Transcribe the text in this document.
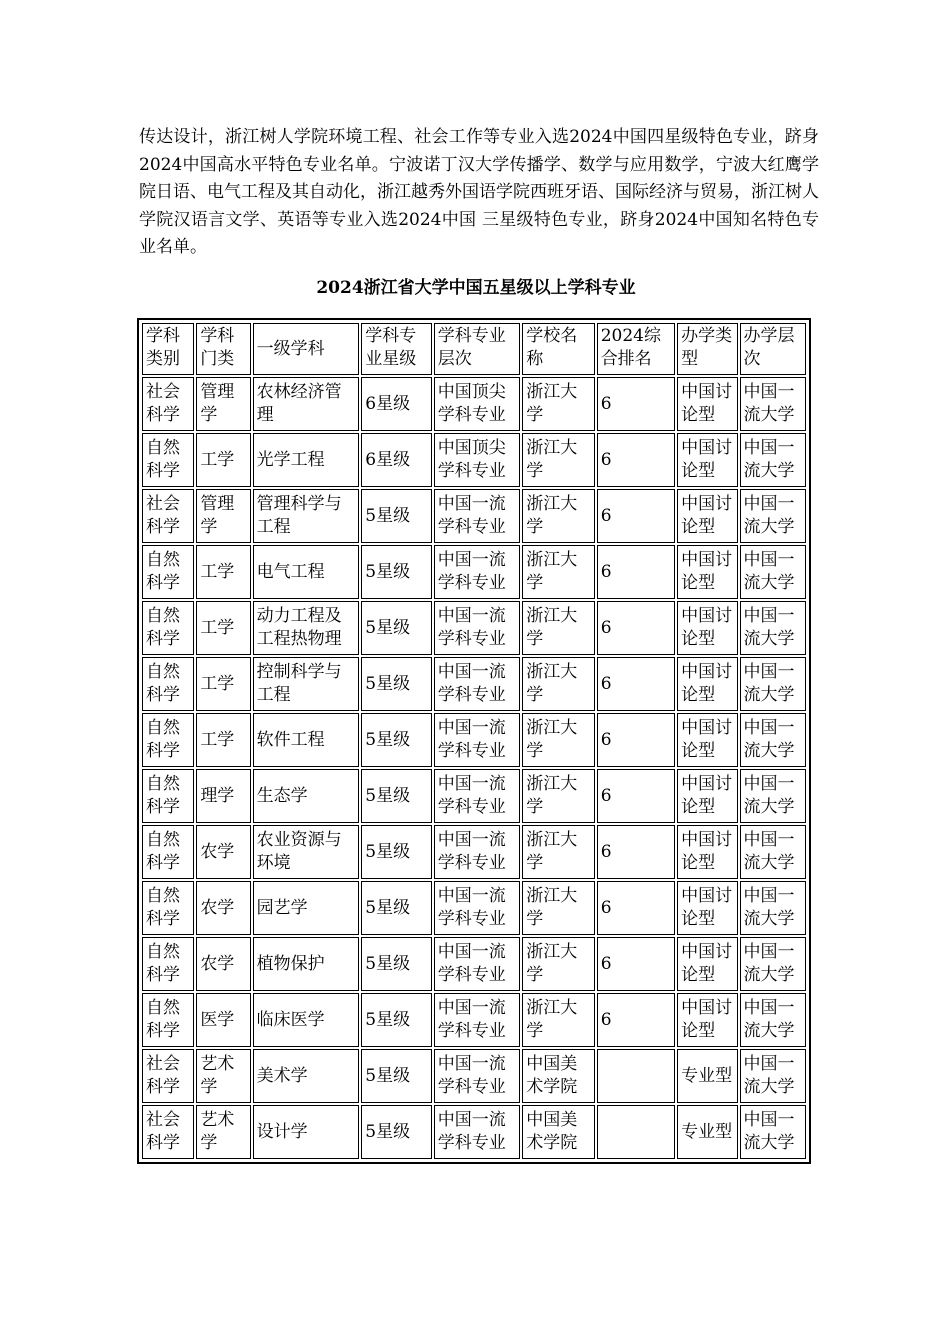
传达设计，浙江树人学院环境工程、社会工作等专业入选2024中国四星级特色专业，跻身2024中国高水平特色专业名单。宁波诺丁汉大学传播学、数学与应用数学，宁波大红鹰学院日语、电气工程及其自动化，浙江越秀外国语学院西班牙语、国际经济与贸易，浙江树人学院汉语言文学、英语等专业入选2024中国 三星级特色专业，跻身2024中国知名特色专业名单。

2024浙江省大学中国五星级以上学科专业

学科类别	学科门类	一级学科	学科专业星级	学科专业层次	学校名称	2024综合排名	办学类型	办学层次
社会科学	管理学	农林经济管理	6星级	中国顶尖学科专业	浙江大学	6	中国讨论型	中国一流大学
自然科学	工学	光学工程	6星级	中国顶尖学科专业	浙江大学	6	中国讨论型	中国一流大学
社会科学	管理学	管理科学与工程	5星级	中国一流学科专业	浙江大学	6	中国讨论型	中国一流大学
自然科学	工学	电气工程	5星级	中国一流学科专业	浙江大学	6	中国讨论型	中国一流大学
自然科学	工学	动力工程及工程热物理	5星级	中国一流学科专业	浙江大学	6	中国讨论型	中国一流大学
自然科学	工学	控制科学与工程	5星级	中国一流学科专业	浙江大学	6	中国讨论型	中国一流大学
自然科学	工学	软件工程	5星级	中国一流学科专业	浙江大学	6	中国讨论型	中国一流大学
自然科学	理学	生态学	5星级	中国一流学科专业	浙江大学	6	中国讨论型	中国一流大学
自然科学	农学	农业资源与环境	5星级	中国一流学科专业	浙江大学	6	中国讨论型	中国一流大学
自然科学	农学	园艺学	5星级	中国一流学科专业	浙江大学	6	中国讨论型	中国一流大学
自然科学	农学	植物保护	5星级	中国一流学科专业	浙江大学	6	中国讨论型	中国一流大学
自然科学	医学	临床医学	5星级	中国一流学科专业	浙江大学	6	中国讨论型	中国一流大学
社会科学	艺术学	美术学	5星级	中国一流学科专业	中国美术学院		专业型	中国一流大学
社会科学	艺术学	设计学	5星级	中国一流学科专业	中国美术学院		专业型	中国一流大学
